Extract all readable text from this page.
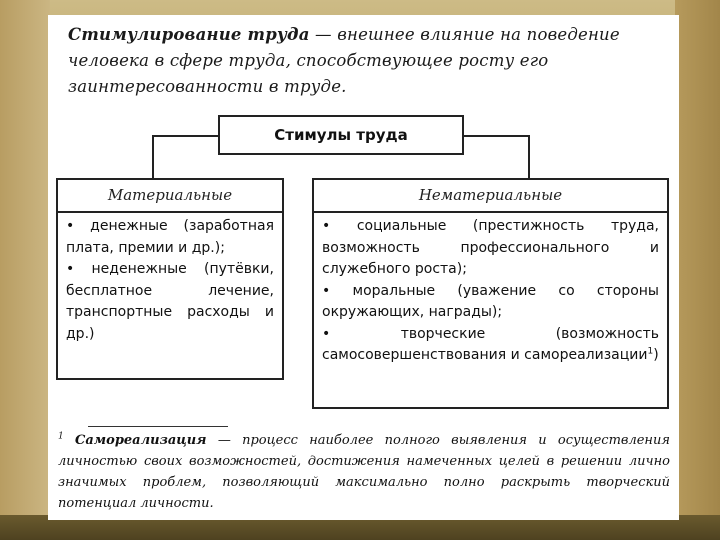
Стимулирование труда — внешнее влияние на поведение человека в сфере труда, способствующее росту его заинтересованности в труде.
Стимулы труда
Материальные

• денежные (заработная плата, премии и др.);

• неденежные (путёвки, бесплатное лечение, транспортные расходы и др.)

Нематериальные

• социальные (престижность труда, возможность профессионального и служебного роста);

• моральные (уважение со стороны окружающих, награды);

• творческие (возможность самосовершенствования и самореализации$^1$)

$^1$ Самореализация — процесс наиболее полного выявления и осуществления личностью своих возможностей, достижения намеченных целей в решении лично значимых проблем, позволяющий максимально полно раскрыть творческий потенциал личности.
